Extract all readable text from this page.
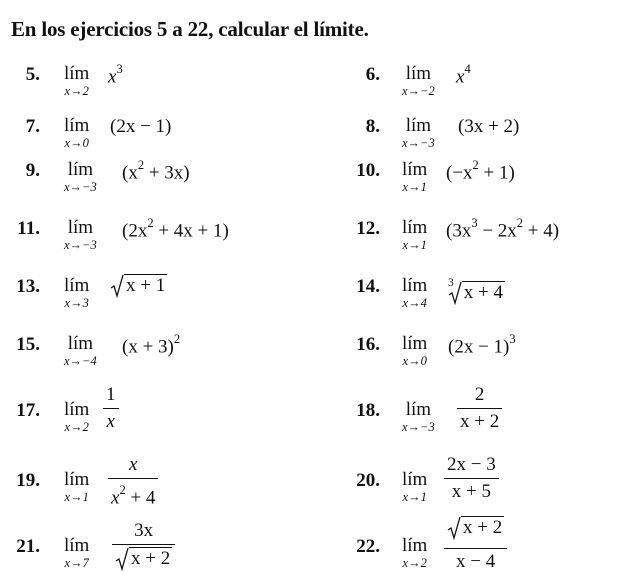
En los ejercicios 5 a 22, calcular el límite.
5. lím
x→2
$x^3$	6. lím
x→−2
$x^4$
7. lím
x→0
(2x − 1)	8. lím
x→−3
(3x + 2)
9. lím
x→−3
$(x^2 + 3x)$	10. lím
x→1
$(-x^2 + 1)$
11. lím
x→−3
$(2x^2 + 4x + 1)$	12. lím
x→1
$(3x^3 - 2x^2 + 4)$
13. lím
x→3
x + 1	14. lím
x→4
3 x + 4
15. lím
x→−4
$(x + 3)^2$	16. lím
x→0
$(2x - 1)^3$
17. lím
x→2
1
x
18. lím
x→−3
2
x + 2
19. lím
x→1
x
$x^2 + 4$
20. lím
x→1
2x − 3
x + 5
21. lím
x→7
3x
x + 2
22. lím
x→2
x + 2
x − 4
